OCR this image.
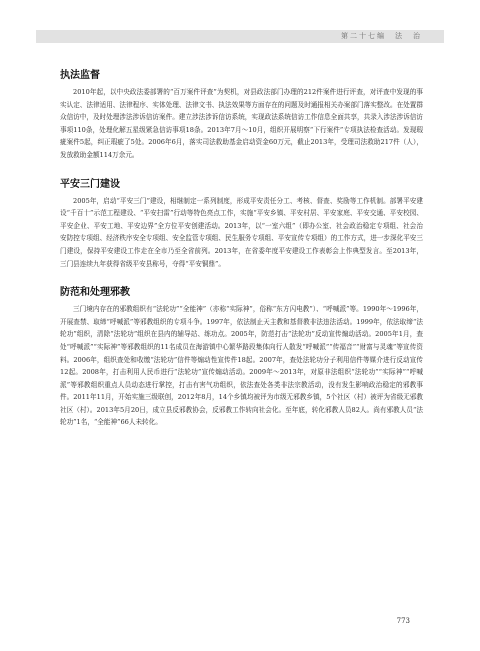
第二十七编　法　治
执法监督

2010年起，以中央政法委部署的“百万案件评查”为契机，对县政法部门办理的212件案件进行评查，对评查中发现的事实认定、法律适用、法律程序、实体处理、法律文书、执法效果等方面存在的问题及时通报相关办案部门落实整改。在处置群众信访中，及时处理涉法涉诉信访案件。建立涉法涉诉信访系统，实现政法系统信访工作信息全面共享，共录入涉法涉诉信访事项110条，处理化解五星级紧急信访事项18条。2013年7月～10月，组织开展明察“下行案件”专项执法检查活动。发现瑕疵案件5起，纠正瑕疵了5处。2006年6月，落实司法救助基金启动资金60万元，截止2013年，受理司法救助217件（人），发放救助金额114万余元。

平安三门建设

2005年，启动“平安三门”建设，相继制定一系列制度，形成平安责任分工、考核、督查、奖励等工作机制。部署平安建设“千百十”示范工程建设、“平安扫雷”行动等特色亮点工作，实施“平安乡镇、平安村居、平安家庭、平安交通、平安校园、平安企业、平安工地、平安边界”全方位平安创建活动。2013年，以“一室六组”（即办公室、社会政治稳定专项组、社会治安防控专项组、经济秩序安全专项组、安全监管专项组、民生服务专项组、平安宣传专项组）的工作方式，进一步深化平安三门建设，保持平安建设工作走在全市乃至全省前列。2013年，在省委年度平安建设工作表彰会上作典型发言。至2013年，三门县连续九年获得省级平安县称号，夺得“平安铜鼎”。

防范和处理邪教

三门境内存在的邪教组织有“法轮功”“全能神”（亦称“实际神”，俗称“东方闪电教”）、“呼喊派”等。1990年～1996年，开展查禁、取缔“呼喊派”等邪教组织的专项斗争。1997年，依法制止天主教和基督教非法违法活动。1999年，依法取缔“法轮功”组织，清除“法轮功”组织在县内的辅导站、练功点。2005年，防范打击“法轮功”反动宣传煽动活动。2005年1月，查处“呼喊派”“实际神”等邪教组织的11名成员在海游镇中心繁华路段集体向行人散发“呼喊派”“传福音”“财富与灵魂”等宣传资料。2006年，组织查处和收缴“法轮功”信件等煽动性宣传件18起。2007年，查处法轮功分子利用信件等媒介进行反动宣传12起。2008年，打击利用人民币进行“法轮功”宣传煽动活动。2009年～2013年，对原非法组织“法轮功”“实际神”“呼喊派”等邪教组织重点人员动态进行掌控，打击有害气功组织，依法查处各类非法宗教活动，没有发生影响政治稳定的邪教事件。2011年11月，开始实施三级联创，2012年8月，14个乡镇均被评为市级无邪教乡镇，5个社区（村）被评为省级无邪教社区（村）。2013年5月20日，成立县反邪教协会，反邪教工作转向社会化。至年底，转化邪教人员82人。尚有邪教人员“法轮功”1名，“全能神”66人未转化。

773
